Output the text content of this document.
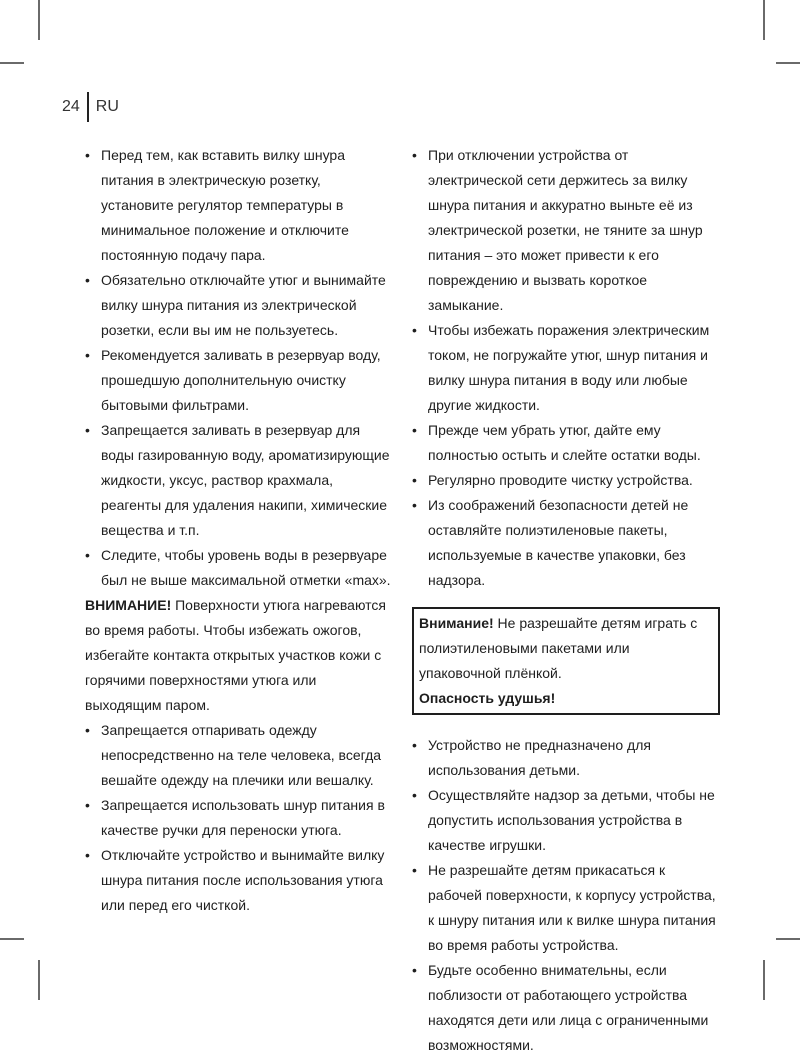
24	RU
• Перед тем, как вставить вилку шнура питания в электрическую розетку, установите регулятор температуры в минимальное положение и отключите постоянную подачу пара.
• Обязательно отключайте утюг и вынимайте вилку шнура питания из электрической розетки, если вы им не пользуетесь.
• Рекомендуется заливать в резервуар воду, прошедшую дополнительную очистку бытовыми фильтрами.
• Запрещается заливать в резервуар для воды газированную воду, ароматизирующие жидкости, уксус, раствор крахмала, реагенты для удаления накипи, химические вещества и т.п.
• Следите, чтобы уровень воды в резервуаре был не выше максимальной отметки «max».

ВНИМАНИЕ! Поверхности утюга нагреваются во время работы. Чтобы избежать ожогов, избегайте контакта открытых участков кожи с горячими поверхностями утюга или выходящим паром.

• Запрещается отпаривать одежду непосредственно на теле человека, всегда вешайте одежду на плечики или вешалку.
• Запрещается использовать шнур питания в качестве ручки для переноски утюга.
• Отключайте устройство и вынимайте вилку шнура питания после использования утюга или перед его чисткой.
• При отключении устройства от электрической сети держитесь за вилку шнура питания и аккуратно выньте её из электрической розетки, не тяните за шнур питания – это может привести к его повреждению и вызвать короткое замыкание.
• Чтобы избежать поражения электрическим током, не погружайте утюг, шнур питания и вилку шнура питания в воду или любые другие жидкости.
• Прежде чем убрать утюг, дайте ему полностью остыть и слейте остатки воды.
• Регулярно проводите чистку устройства.
• Из соображений безопасности детей не оставляйте полиэтиленовые пакеты, используемые в качестве упаковки, без надзора.

Внимание! Не разрешайте детям играть с полиэтиленовыми пакетами или упаковочной плёнкой.

Опасность удушья!

• Устройство не предназначено для использования детьми.
• Осуществляйте надзор за детьми, чтобы не допустить использования устройства в качестве игрушки.
• Не разрешайте детям прикасаться к рабочей поверхности, к корпусу устройства, к шнуру питания или к вилке шнура питания во время работы устройства.
• Будьте особенно внимательны, если поблизости от работающего устройства находятся дети или лица с ограниченными возможностями.
